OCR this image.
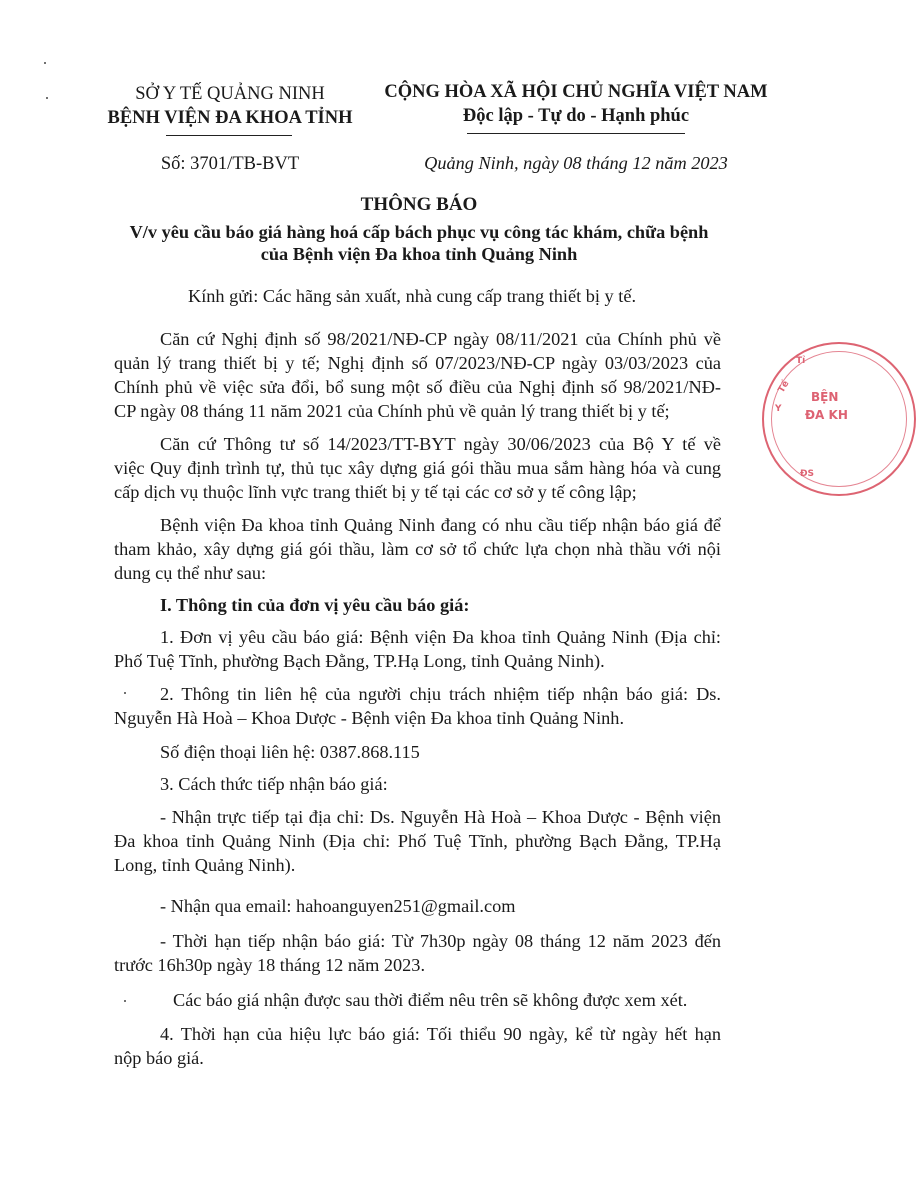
SỞ Y TẾ QUẢNG NINH
BỆNH VIỆN ĐA KHOA TỈNH
Số: 3701/TB-BVT
CỘNG HÒA XÃ HỘI CHỦ NGHĨA VIỆT NAM
Độc lập - Tự do - Hạnh phúc
Quảng Ninh, ngày 08 tháng 12 năm 2023
THÔNG BÁO
V/v yêu cầu báo giá hàng hoá cấp bách phục vụ công tác khám, chữa bệnh
của Bệnh viện Đa khoa tỉnh Quảng Ninh
Kính gửi: Các hãng sản xuất, nhà cung cấp trang thiết bị y tế.
Căn cứ Nghị định số 98/2021/NĐ-CP ngày 08/11/2021 của Chính phủ về
quản lý trang thiết bị y tế; Nghị định số 07/2023/NĐ-CP ngày 03/03/2023 của
Chính phủ về việc sửa đổi, bổ sung một số điều của Nghị định số 98/2021/NĐ-
CP ngày 08 tháng 11 năm 2021 của Chính phủ về quản lý trang thiết bị y tế;
Căn cứ Thông tư số 14/2023/TT-BYT ngày 30/06/2023 của Bộ Y tế về
việc Quy định trình tự, thủ tục xây dựng giá gói thầu mua sắm hàng hóa và cung
cấp dịch vụ thuộc lĩnh vực trang thiết bị y tế tại các cơ sở y tế công lập;
Bệnh viện Đa khoa tỉnh Quảng Ninh đang có nhu cầu tiếp nhận báo giá để
tham khảo, xây dựng giá gói thầu, làm cơ sở tổ chức lựa chọn nhà thầu với nội
dung cụ thể như sau:
I. Thông tin của đơn vị yêu cầu báo giá:
1. Đơn vị yêu cầu báo giá: Bệnh viện Đa khoa tỉnh Quảng Ninh (Địa chỉ:
Phố Tuệ Tĩnh, phường Bạch Đằng, TP.Hạ Long, tỉnh Quảng Ninh).
2. Thông tin liên hệ của người chịu trách nhiệm tiếp nhận báo giá: Ds.
Nguyễn Hà Hoà – Khoa Dược - Bệnh viện Đa khoa tỉnh Quảng Ninh.
Số điện thoại liên hệ: 0387.868.115
3. Cách thức tiếp nhận báo giá:
- Nhận trực tiếp tại địa chỉ: Ds. Nguyễn Hà Hoà – Khoa Dược - Bệnh viện
Đa khoa tỉnh Quảng Ninh (Địa chỉ: Phố Tuệ Tĩnh, phường Bạch Đằng, TP.Hạ
Long, tỉnh Quảng Ninh).
- Nhận qua email: hahoanguyen251@gmail.com
- Thời hạn tiếp nhận báo giá: Từ 7h30p ngày 08 tháng 12 năm 2023 đến
trước 16h30p ngày 18 tháng 12 năm 2023.
Các báo giá nhận được sau thời điểm nêu trên sẽ không được xem xét.
4. Thời hạn của hiệu lực báo giá: Tối thiểu 90 ngày, kể từ ngày hết hạn
nộp báo giá.
BỆN
ĐA KH
Tỉ
Y
Tế
ĐS
